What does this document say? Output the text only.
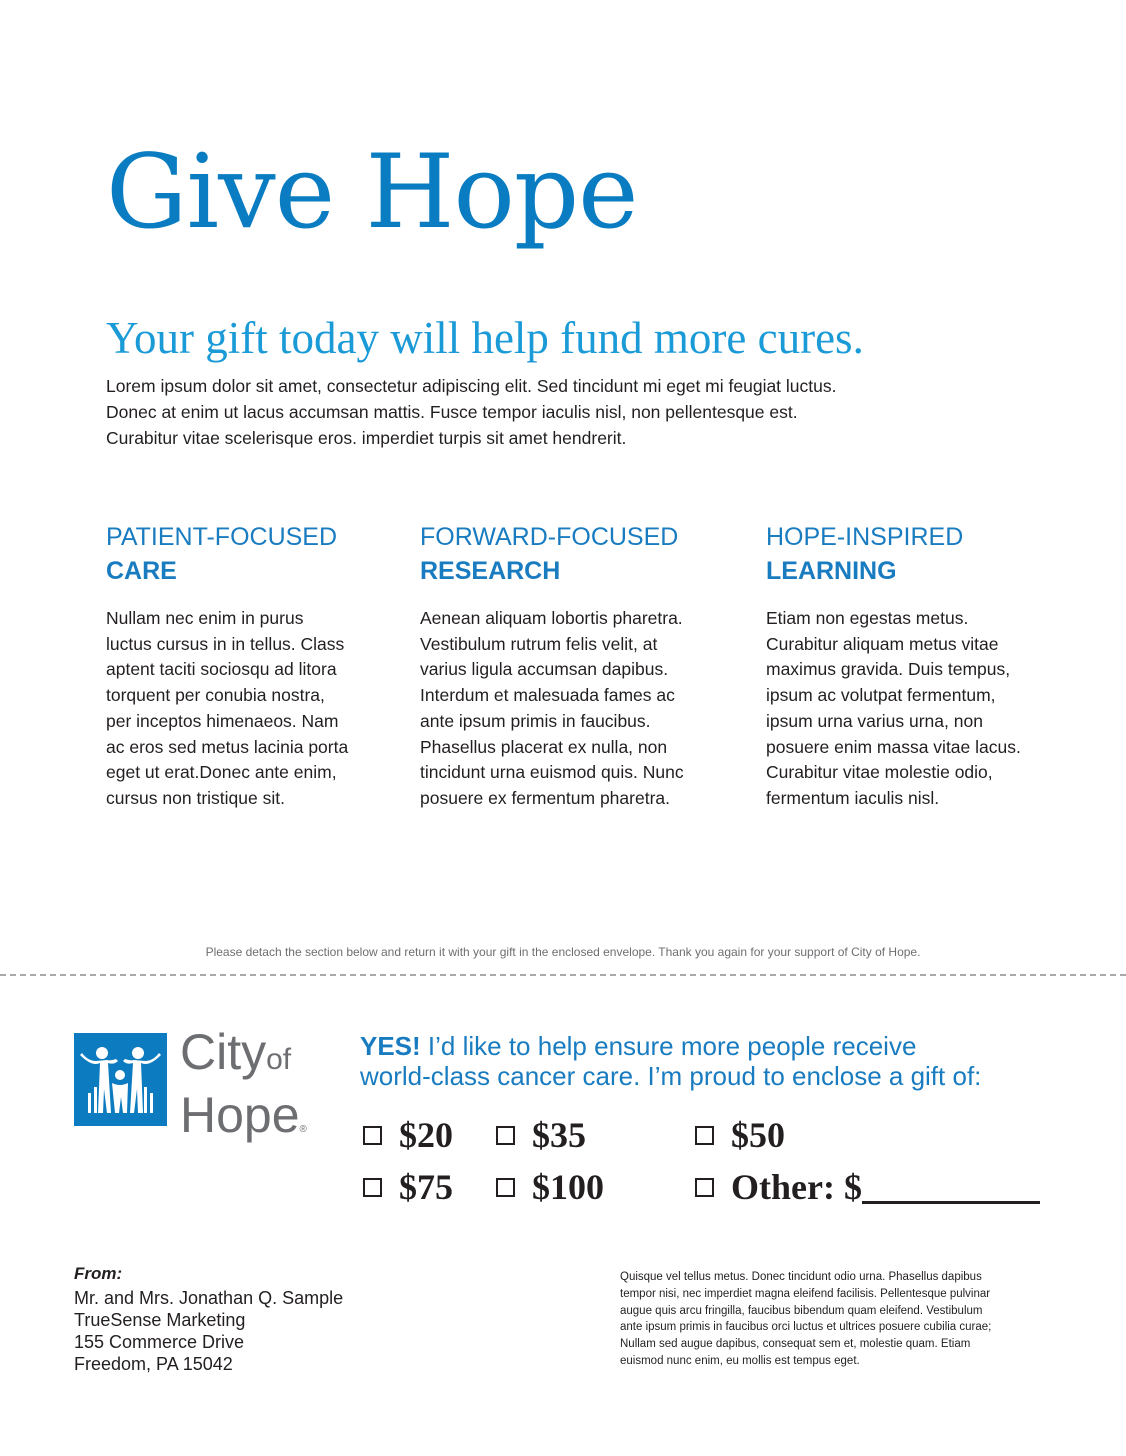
Give Hope
Your gift today will help fund more cures.

Lorem ipsum dolor sit amet, consectetur adipiscing elit. Sed tincidunt mi eget mi feugiat luctus.
Donec at enim ut lacus accumsan mattis. Fusce tempor iaculis nisl, non pellentesque est.
Curabitur vitae scelerisque eros. imperdiet turpis sit amet hendrerit.

PATIENT-FOCUSED

CARE

Nullam nec enim in purus
luctus cursus in in tellus. Class
aptent taciti sociosqu ad litora
torquent per conubia nostra,
per inceptos himenaeos. Nam
ac eros sed metus lacinia porta
eget ut erat.Donec ante enim,
cursus non tristique sit.

FORWARD-FOCUSED

RESEARCH

Aenean aliquam lobortis pharetra.
Vestibulum rutrum felis velit, at
varius ligula accumsan dapibus.
Interdum et malesuada fames ac
ante ipsum primis in faucibus.
Phasellus placerat ex nulla, non
tincidunt urna euismod quis. Nunc
posuere ex fermentum pharetra.

HOPE-INSPIRED

LEARNING

Etiam non egestas metus.
Curabitur aliquam metus vitae
maximus gravida. Duis tempus,
ipsum ac volutpat fermentum,
ipsum urna varius urna, non
posuere enim massa vitae lacus.
Curabitur vitae molestie odio,
fermentum iaculis nisl.

Please detach the section below and return it with your gift in the enclosed envelope. Thank you again for your support of City of Hope.

Cityof
Hope®

YES! I’d like to help ensure more people receive
world-class cancer care. I’m proud to enclose a gift of:

$20 $35	$50
$75 $100	Other: $

From:

Mr. and Mrs. Jonathan Q. Sample
TrueSense Marketing
155 Commerce Drive
Freedom, PA 15042
Quisque vel tellus metus. Donec tincidunt odio urna. Phasellus dapibus
tempor nisi, nec imperdiet magna eleifend facilisis. Pellentesque pulvinar
augue quis arcu fringilla, faucibus bibendum quam eleifend. Vestibulum
ante ipsum primis in faucibus orci luctus et ultrices posuere cubilia curae;
Nullam sed augue dapibus, consequat sem et, molestie quam. Etiam
euismod nunc enim, eu mollis est tempus eget.
